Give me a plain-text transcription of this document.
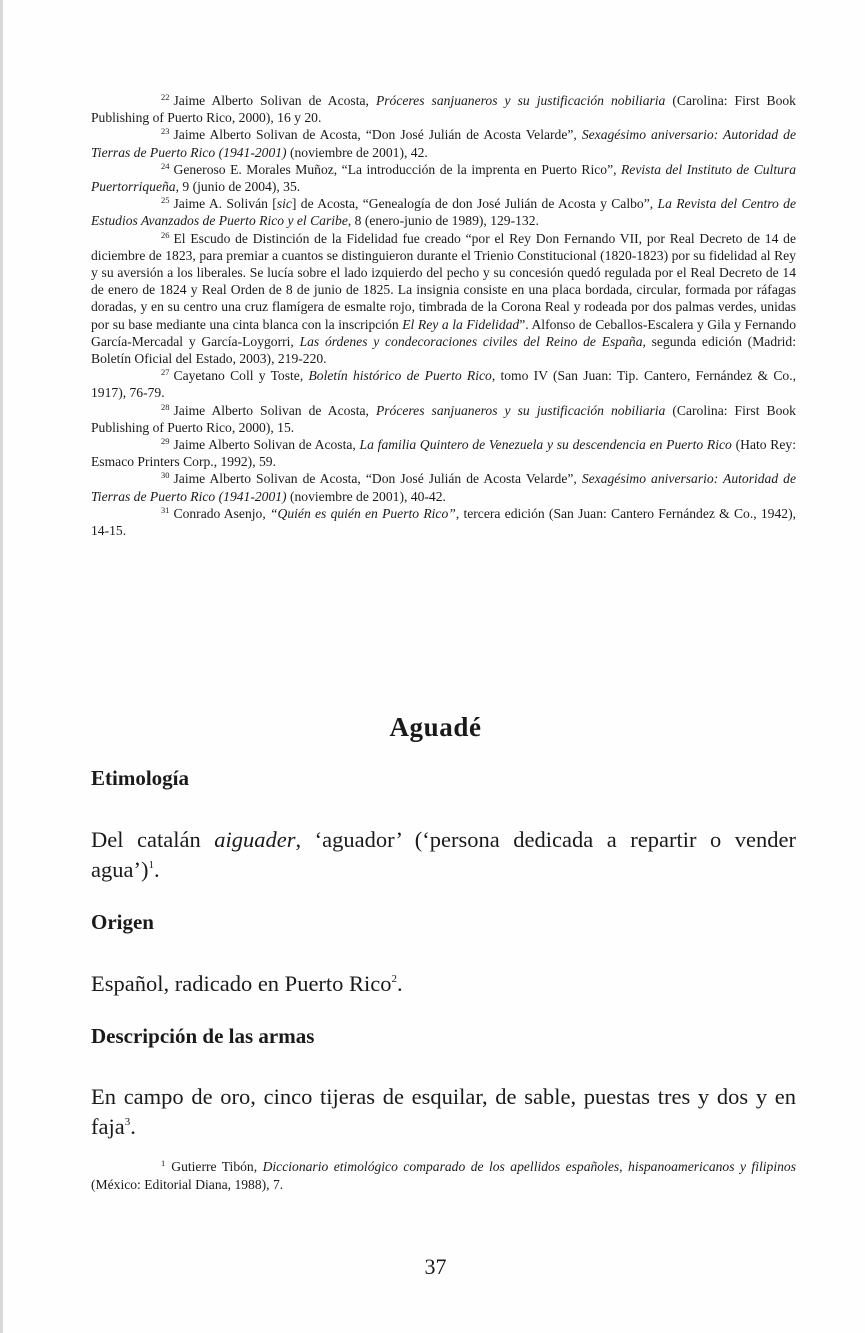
$^{22}$ Jaime Alberto Solivan de Acosta, Próceres sanjuaneros y su justificación nobiliaria (Carolina: First Book Publishing of Puerto Rico, 2000), 16 y 20.

$^{23}$ Jaime Alberto Solivan de Acosta, “Don José Julián de Acosta Velarde”, Sexagésimo aniversario: Autoridad de Tierras de Puerto Rico (1941-2001) (noviembre de 2001), 42.

$^{24}$ Generoso E. Morales Muñoz, “La introducción de la imprenta en Puerto Rico”, Revista del Instituto de Cultura Puertorriqueña, 9 (junio de 2004), 35.

$^{25}$ Jaime A. Soliván [sic] de Acosta, “Genealogía de don José Julián de Acosta y Calbo”, La Revista del Centro de Estudios Avanzados de Puerto Rico y el Caribe, 8 (enero-junio de 1989), 129-132.

$^{26}$ El Escudo de Distinción de la Fidelidad fue creado “por el Rey Don Fernando VII, por Real Decreto de 14 de diciembre de 1823, para premiar a cuantos se distinguieron durante el Trienio Constitucional (1820-1823) por su fidelidad al Rey y su aversión a los liberales. Se lucía sobre el lado izquierdo del pecho y su concesión quedó regulada por el Real Decreto de 14 de enero de 1824 y Real Orden de 8 de junio de 1825. La insignia consiste en una placa bordada, circular, formada por ráfagas doradas, y en su centro una cruz flamígera de esmalte rojo, timbrada de la Corona Real y rodeada por dos palmas verdes, unidas por su base mediante una cinta blanca con la inscripción El Rey a la Fidelidad”. Alfonso de Ceballos-Escalera y Gila y Fernando García-Mercadal y García-Loygorri, Las órdenes y condecoraciones civiles del Reino de España, segunda edición (Madrid: Boletín Oficial del Estado, 2003), 219-220.

$^{27}$ Cayetano Coll y Toste, Boletín histórico de Puerto Rico, tomo IV (San Juan: Tip. Cantero, Fernández & Co., 1917), 76-79.

$^{28}$ Jaime Alberto Solivan de Acosta, Próceres sanjuaneros y su justificación nobiliaria (Carolina: First Book Publishing of Puerto Rico, 2000), 15.

$^{29}$ Jaime Alberto Solivan de Acosta, La familia Quintero de Venezuela y su descendencia en Puerto Rico (Hato Rey: Esmaco Printers Corp., 1992), 59.

$^{30}$ Jaime Alberto Solivan de Acosta, “Don José Julián de Acosta Velarde”, Sexagésimo aniversario: Autoridad de Tierras de Puerto Rico (1941-2001) (noviembre de 2001), 40-42.

$^{31}$ Conrado Asenjo, “Quién es quién en Puerto Rico”, tercera edición (San Juan: Cantero Fernández & Co., 1942), 14-15.

Aguadé
Etimología

Del catalán aiguader, ‘aguador’ (‘persona dedicada a repartir o vender agua’)$^1$.

Origen

Español, radicado en Puerto Rico$^2$.

Descripción de las armas

En campo de oro, cinco tijeras de esquilar, de sable, puestas tres y dos y en faja$^3$.

$^1$ Gutierre Tibón, Diccionario etimológico comparado de los apellidos españoles, hispanoamericanos y filipinos (México: Editorial Diana, 1988), 7.

37
